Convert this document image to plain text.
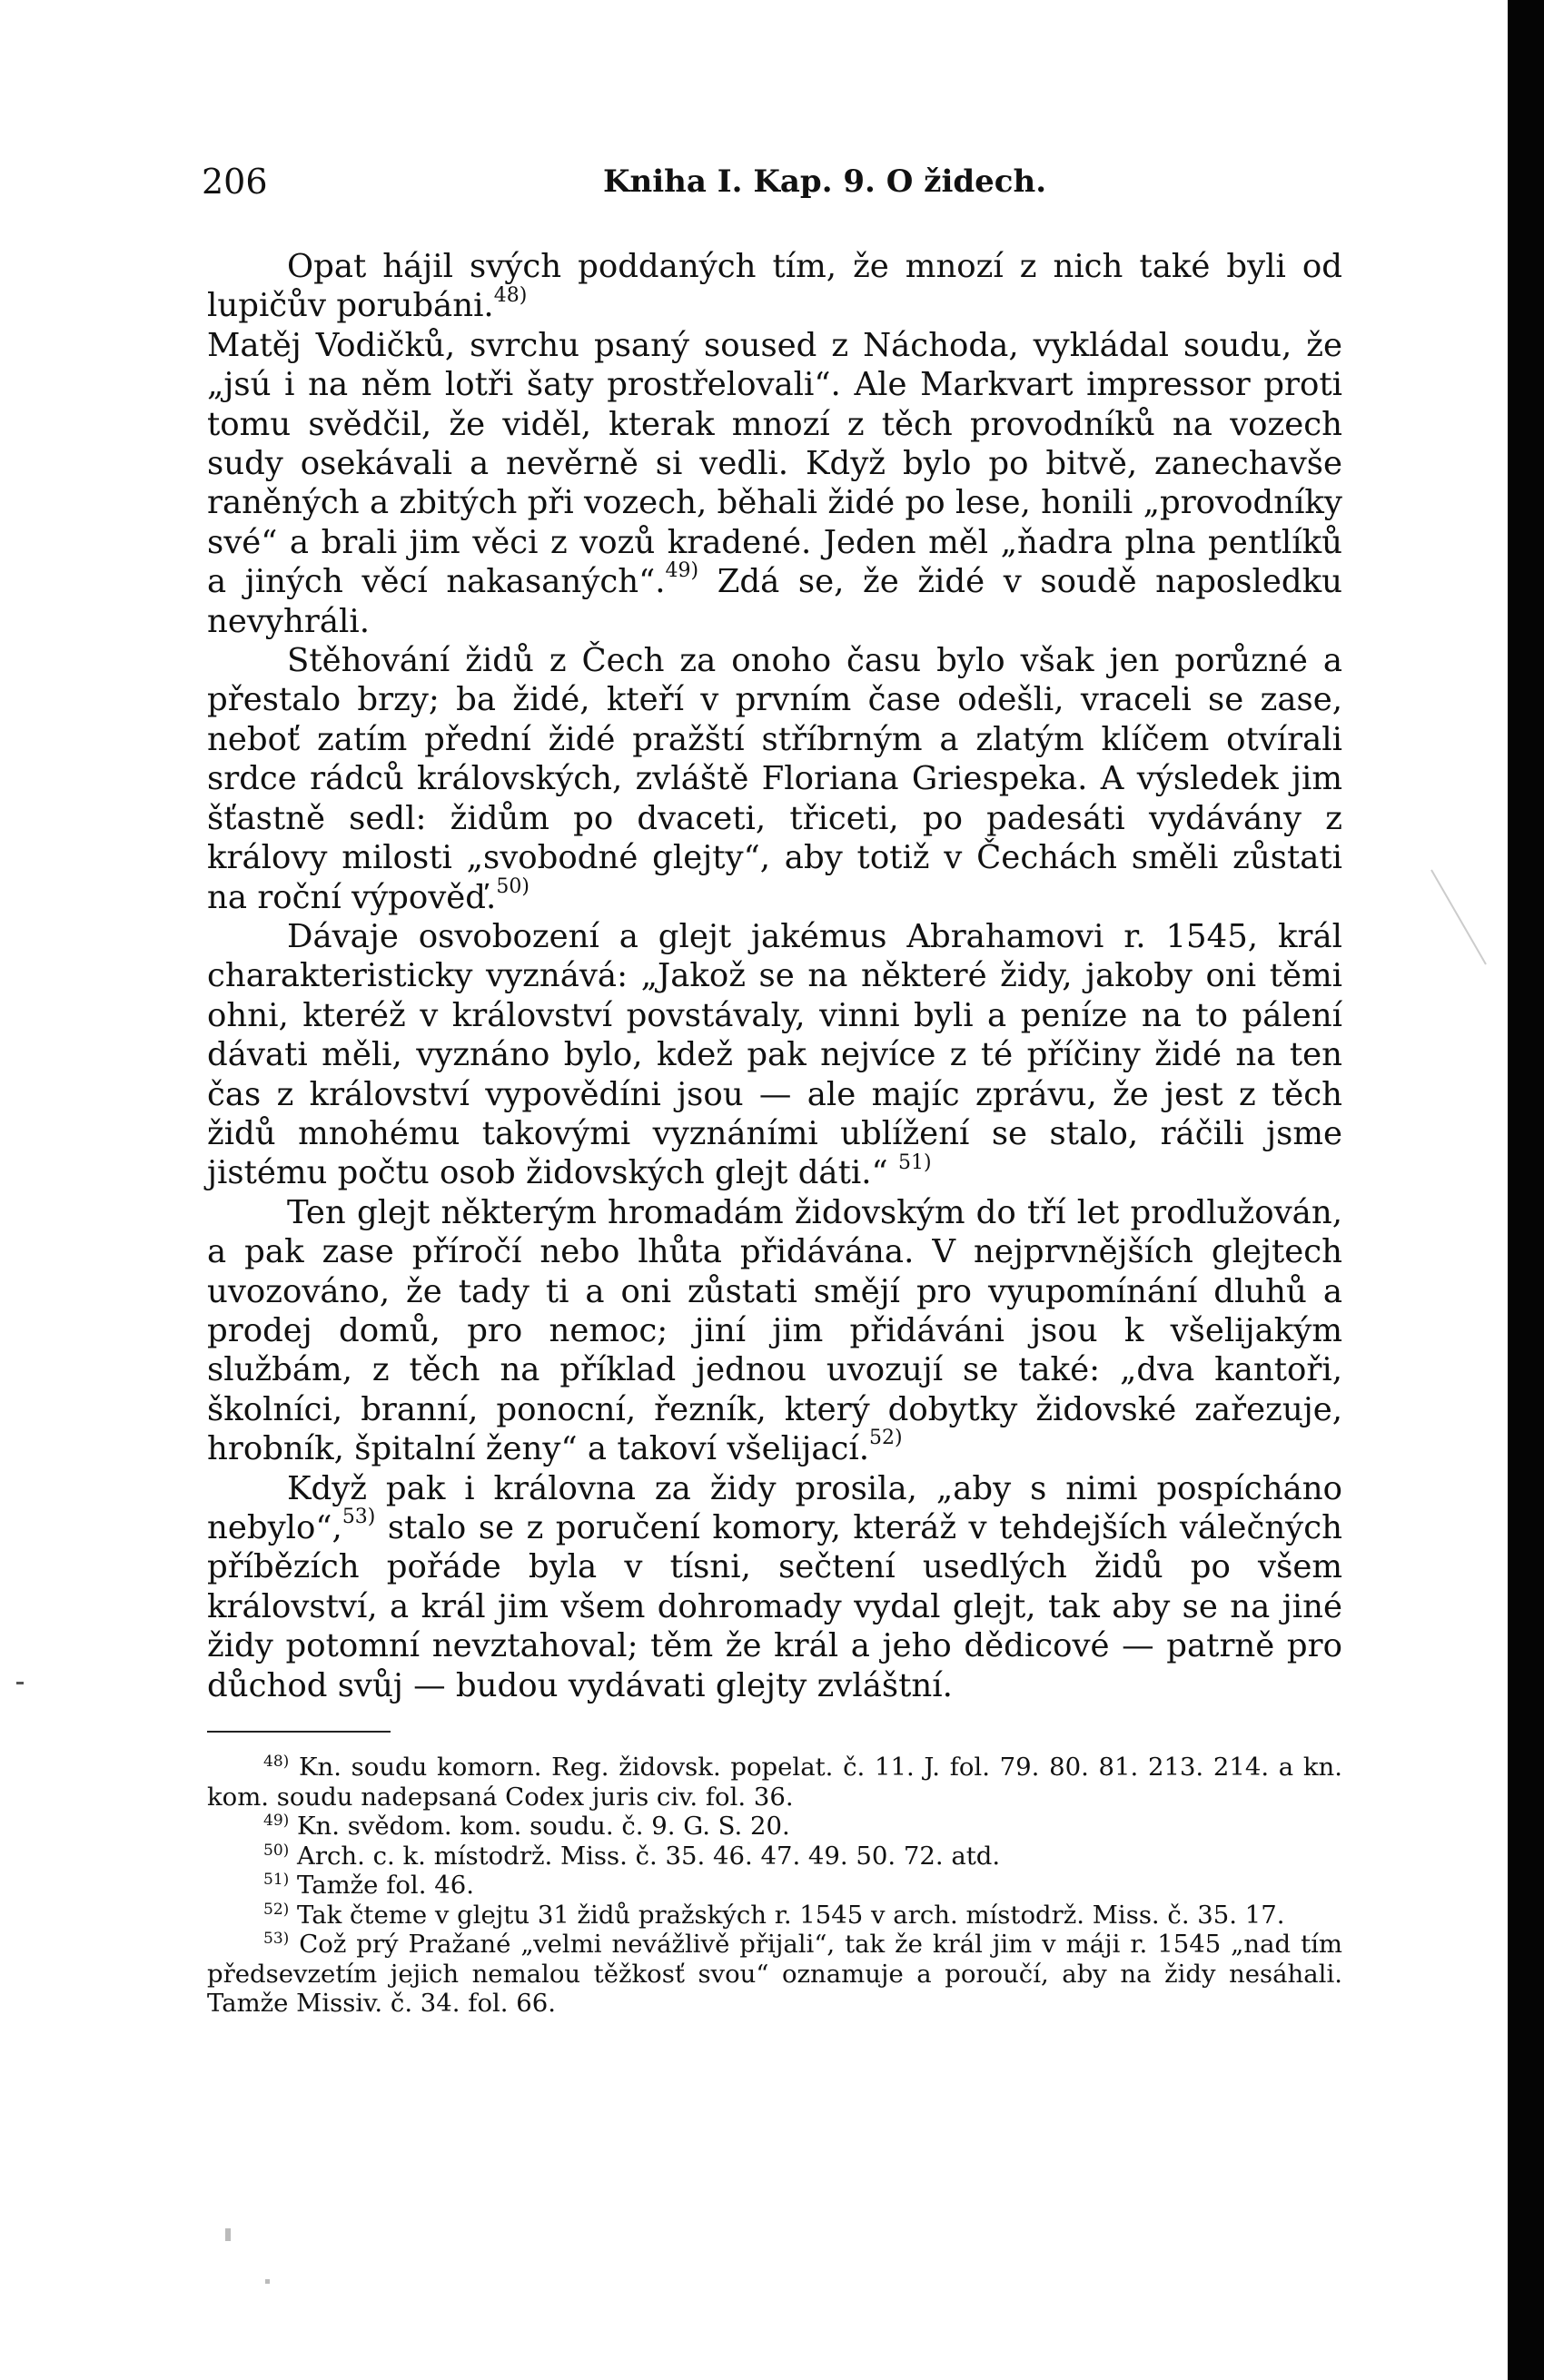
206	Kniha I. Kap. 9. O židech.

Opat hájil svých poddaných tím, že mnozí z nich také byli od lupičův porubáni.$^{48)}$

Matěj Vodičků, svrchu psaný soused z Náchoda, vykládal soudu, že „jsú i na něm lotři šaty prostřelovali“. Ale Markvart impressor proti tomu svědčil, že viděl, kterak mnozí z těch provodníků na vozech sudy osekávali a nevěrně si vedli. Když bylo po bitvě, zanechavše raněných a zbitých při vozech, běhali židé po lese, honili „provodníky své“ a brali jim věci z vozů kradené. Jeden měl „ňadra plna pentlíků a jiných věcí nakasaných“.$^{49)}$ Zdá se, že židé v soudě naposledku nevyhráli.

Stěhování židů z Čech za onoho času bylo však jen porůzné a přestalo brzy; ba židé, kteří v prvním čase odešli, vraceli se zase, neboť zatím přední židé pražští stříbrným a zlatým klíčem otvírali srdce rádců královských, zvláště Floriana Griespeka. A výsledek jim šťastně sedl: židům po dvaceti, třiceti, po padesáti vydávány z královy milosti „svobodné glejty“, aby totiž v Čechách směli zůstati na roční výpověď.$^{50)}$

Dávaje osvobození a glejt jakémus Abrahamovi r. 1545, král charakteristicky vyznává: „Jakož se na některé židy, jakoby oni těmi ohni, kteréž v království povstávaly, vinni byli a peníze na to pálení dávati měli, vyznáno bylo, kdež pak nejvíce z té příčiny židé na ten čas z království vypovědíni jsou — ale majíc zprávu, že jest z těch židů mnohému takovými vyznáními ublížení se stalo, ráčili jsme jistému počtu osob židovských glejt dáti.“ $^{51)}$

Ten glejt některým hromadám židovským do tří let prodlužován, a pak zase příročí nebo lhůta přidávána. V nejprvnějších glejtech uvozováno, že tady ti a oni zůstati smějí pro vyupomínání dluhů a prodej domů, pro nemoc; jiní jim přidáváni jsou k všelijakým službám, z těch na příklad jednou uvozují se také: „dva kantoři, školníci, branní, ponocní, řezník, který dobytky židovské zařezuje, hrobník, špitalní ženy“ a takoví všelijací.$^{52)}$

Když pak i královna za židy prosila, „aby s nimi pospícháno nebylo“,$^{53)}$ stalo se z poručení komory, kteráž v tehdejších válečných příbězích pořáde byla v tísni, sečtení usedlých židů po všem království, a král jim všem dohromady vydal glejt, tak aby se na jiné židy potomní nevztahoval; těm že král a jeho dědicové — patrně pro důchod svůj — budou vydávati glejty zvláštní.

$^{48)}$ Kn. soudu komorn. Reg. židovsk. popelat. č. 11. J. fol. 79. 80. 81. 213. 214. a kn. kom. soudu nadepsaná Codex juris civ. fol. 36.

$^{49)}$ Kn. svědom. kom. soudu. č. 9. G. S. 20.

$^{50)}$ Arch. c. k. místodrž. Miss. č. 35. 46. 47. 49. 50. 72. atd.

$^{51)}$ Tamže fol. 46.

$^{52)}$ Tak čteme v glejtu 31 židů pražských r. 1545 v arch. místodrž. Miss. č. 35. 17.

$^{53)}$ Což prý Pražané „velmi nevážlivě přijali“, tak že král jim v máji r. 1545 „nad tím předsevzetím jejich nemalou těžkosť svou“ oznamuje a poroučí, aby na židy nesáhali. Tamže Missiv. č. 34. fol. 66.
